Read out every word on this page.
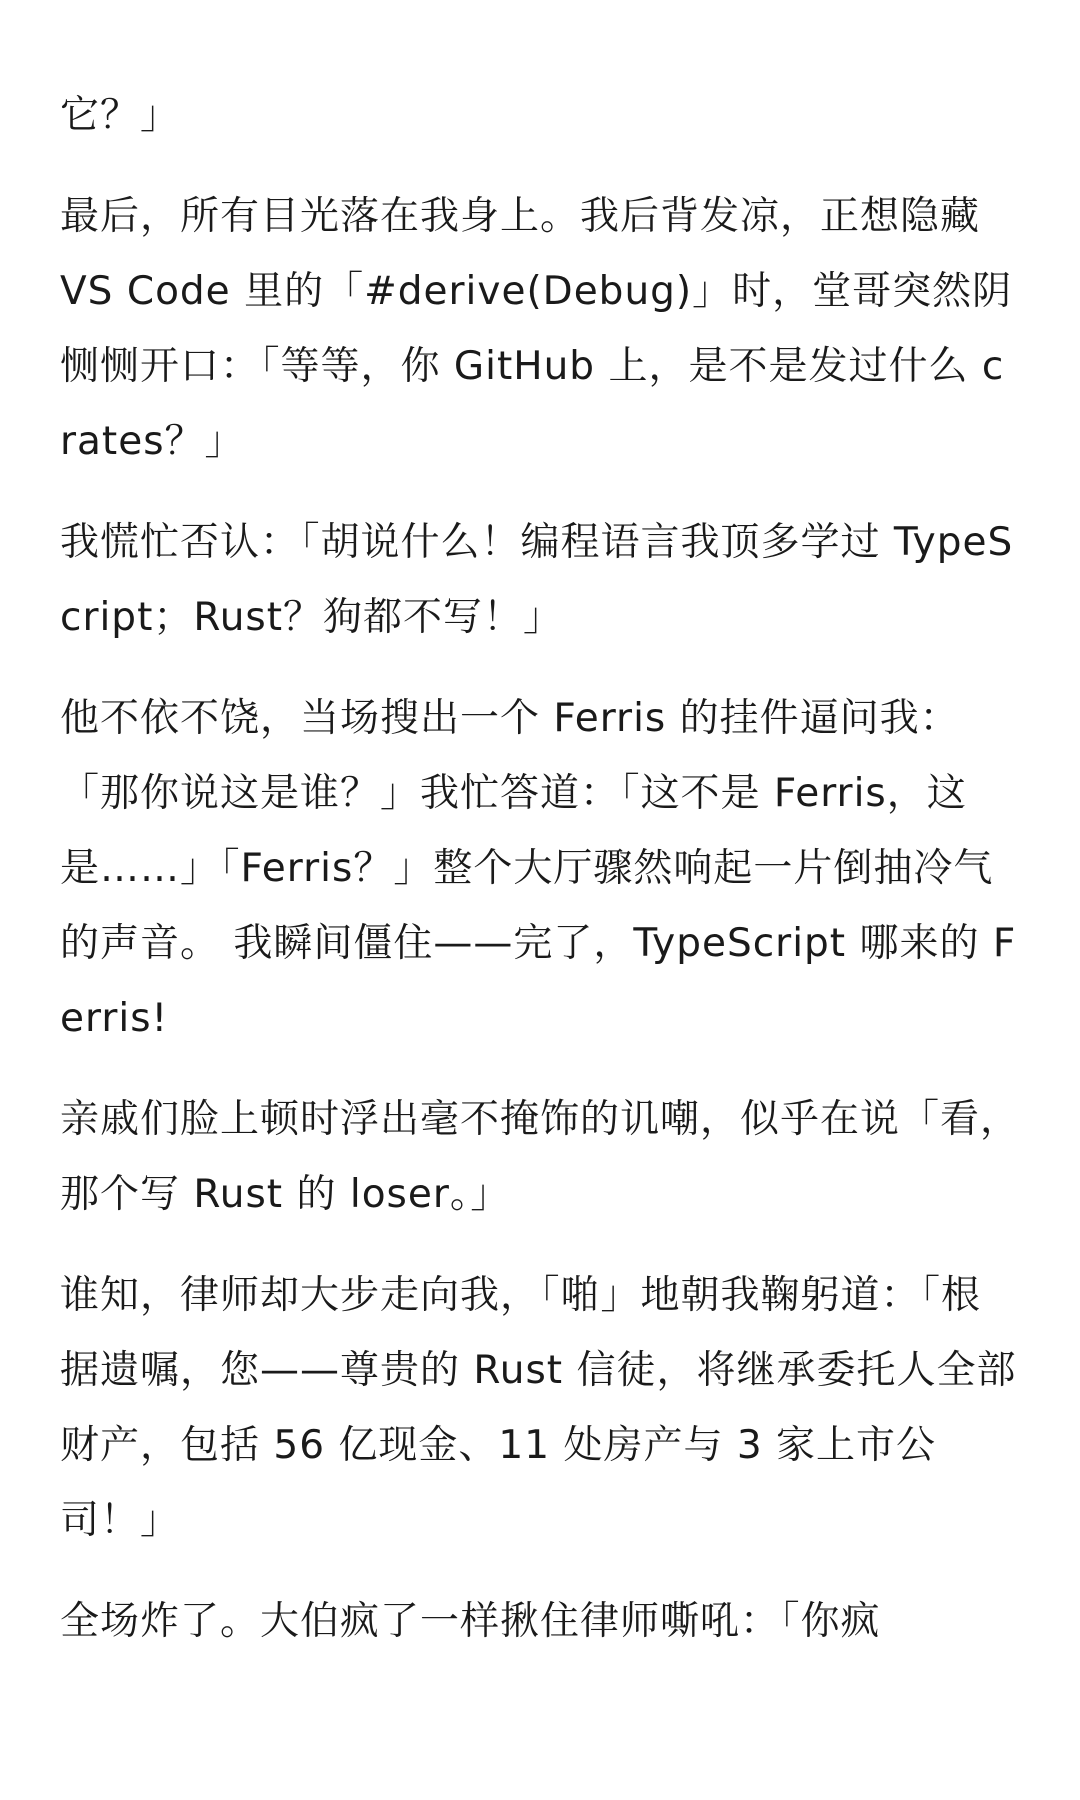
它？」

最后，所有目光落在我身上。我后背发凉，正想隐藏 VS Code 里的「#derive(Debug)」时，堂哥突然阴恻恻开口：「等等，你 GitHub 上，是不是发过什么 crates？」

我慌忙否认：「胡说什么！编程语言我顶多学过 TypeScript；Rust？狗都不写！」

他不依不饶，当场搜出一个 Ferris 的挂件逼问我：「那你说这是谁？」我忙答道：「这不是 Ferris，这是……」「Ferris？」整个大厅骤然响起一片倒抽冷气的声音。 我瞬间僵住——完了，TypeScript 哪来的 Ferris!

亲戚们脸上顿时浮出毫不掩饰的讥嘲，似乎在说「看，那个写 Rust 的 loser。」

谁知，律师却大步走向我，「啪」地朝我鞠躬道：「根据遗嘱，您——尊贵的 Rust 信徒，将继承委托人全部财产，包括 56 亿现金、11 处房产与 3 家上市公司！」

全场炸了。大伯疯了一样揪住律师嘶吼：「你疯
